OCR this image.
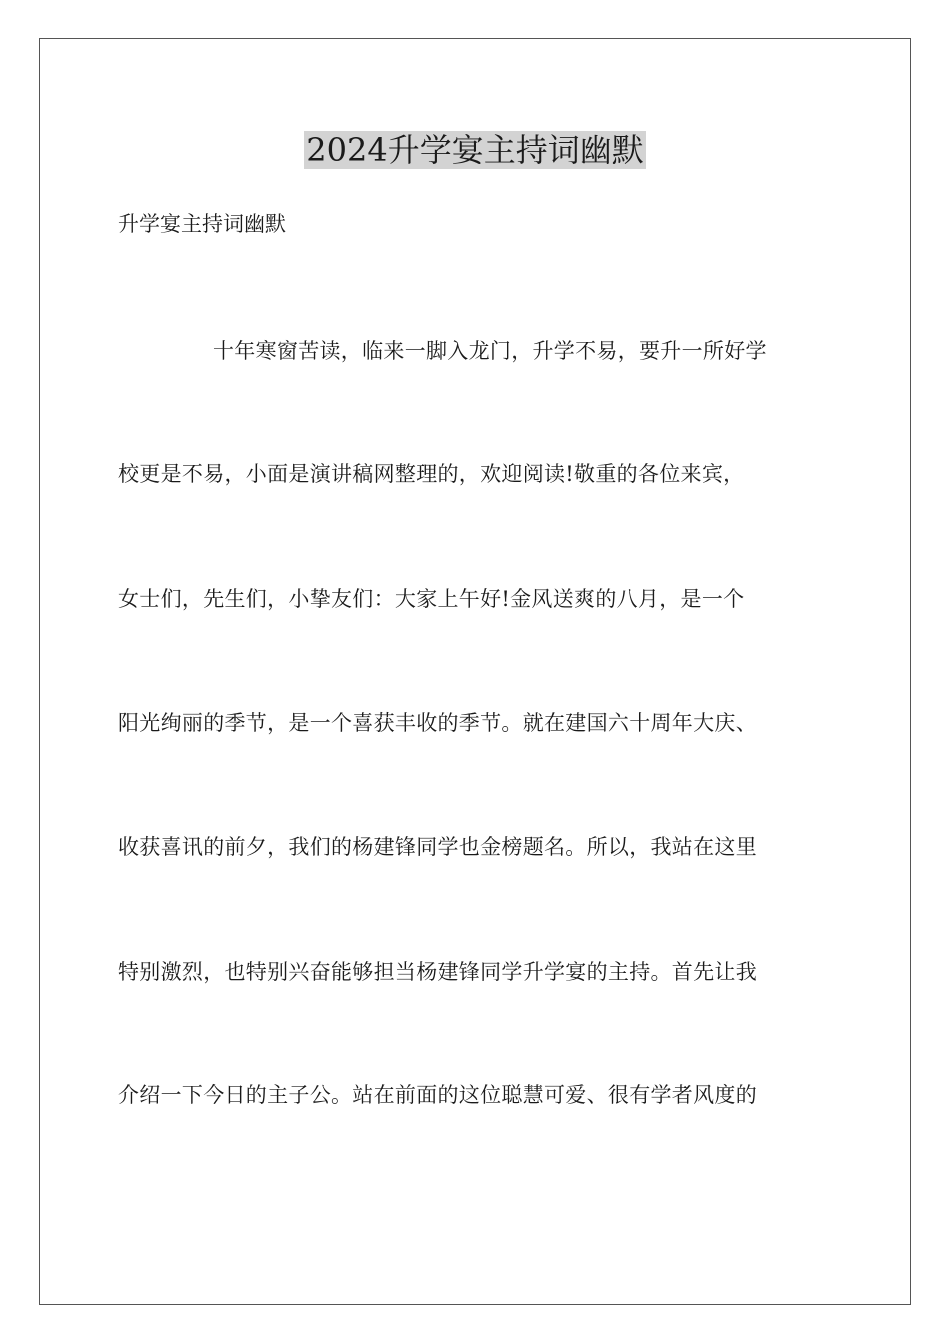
2024升学宴主持词幽默

升学宴主持词幽默

十年寒窗苦读，临来一脚入龙门，升学不易，要升一所好学

校更是不易，小面是演讲稿网整理的，欢迎阅读!敬重的各位来宾，

女士们，先生们，小挚友们：大家上午好!金风送爽的八月，是一个

阳光绚丽的季节，是一个喜获丰收的季节。就在建国六十周年大庆、

收获喜讯的前夕，我们的杨建锋同学也金榜题名。所以，我站在这里

特别激烈，也特别兴奋能够担当杨建锋同学升学宴的主持。首先让我

介绍一下今日的主子公。站在前面的这位聪慧可爱、很有学者风度的
